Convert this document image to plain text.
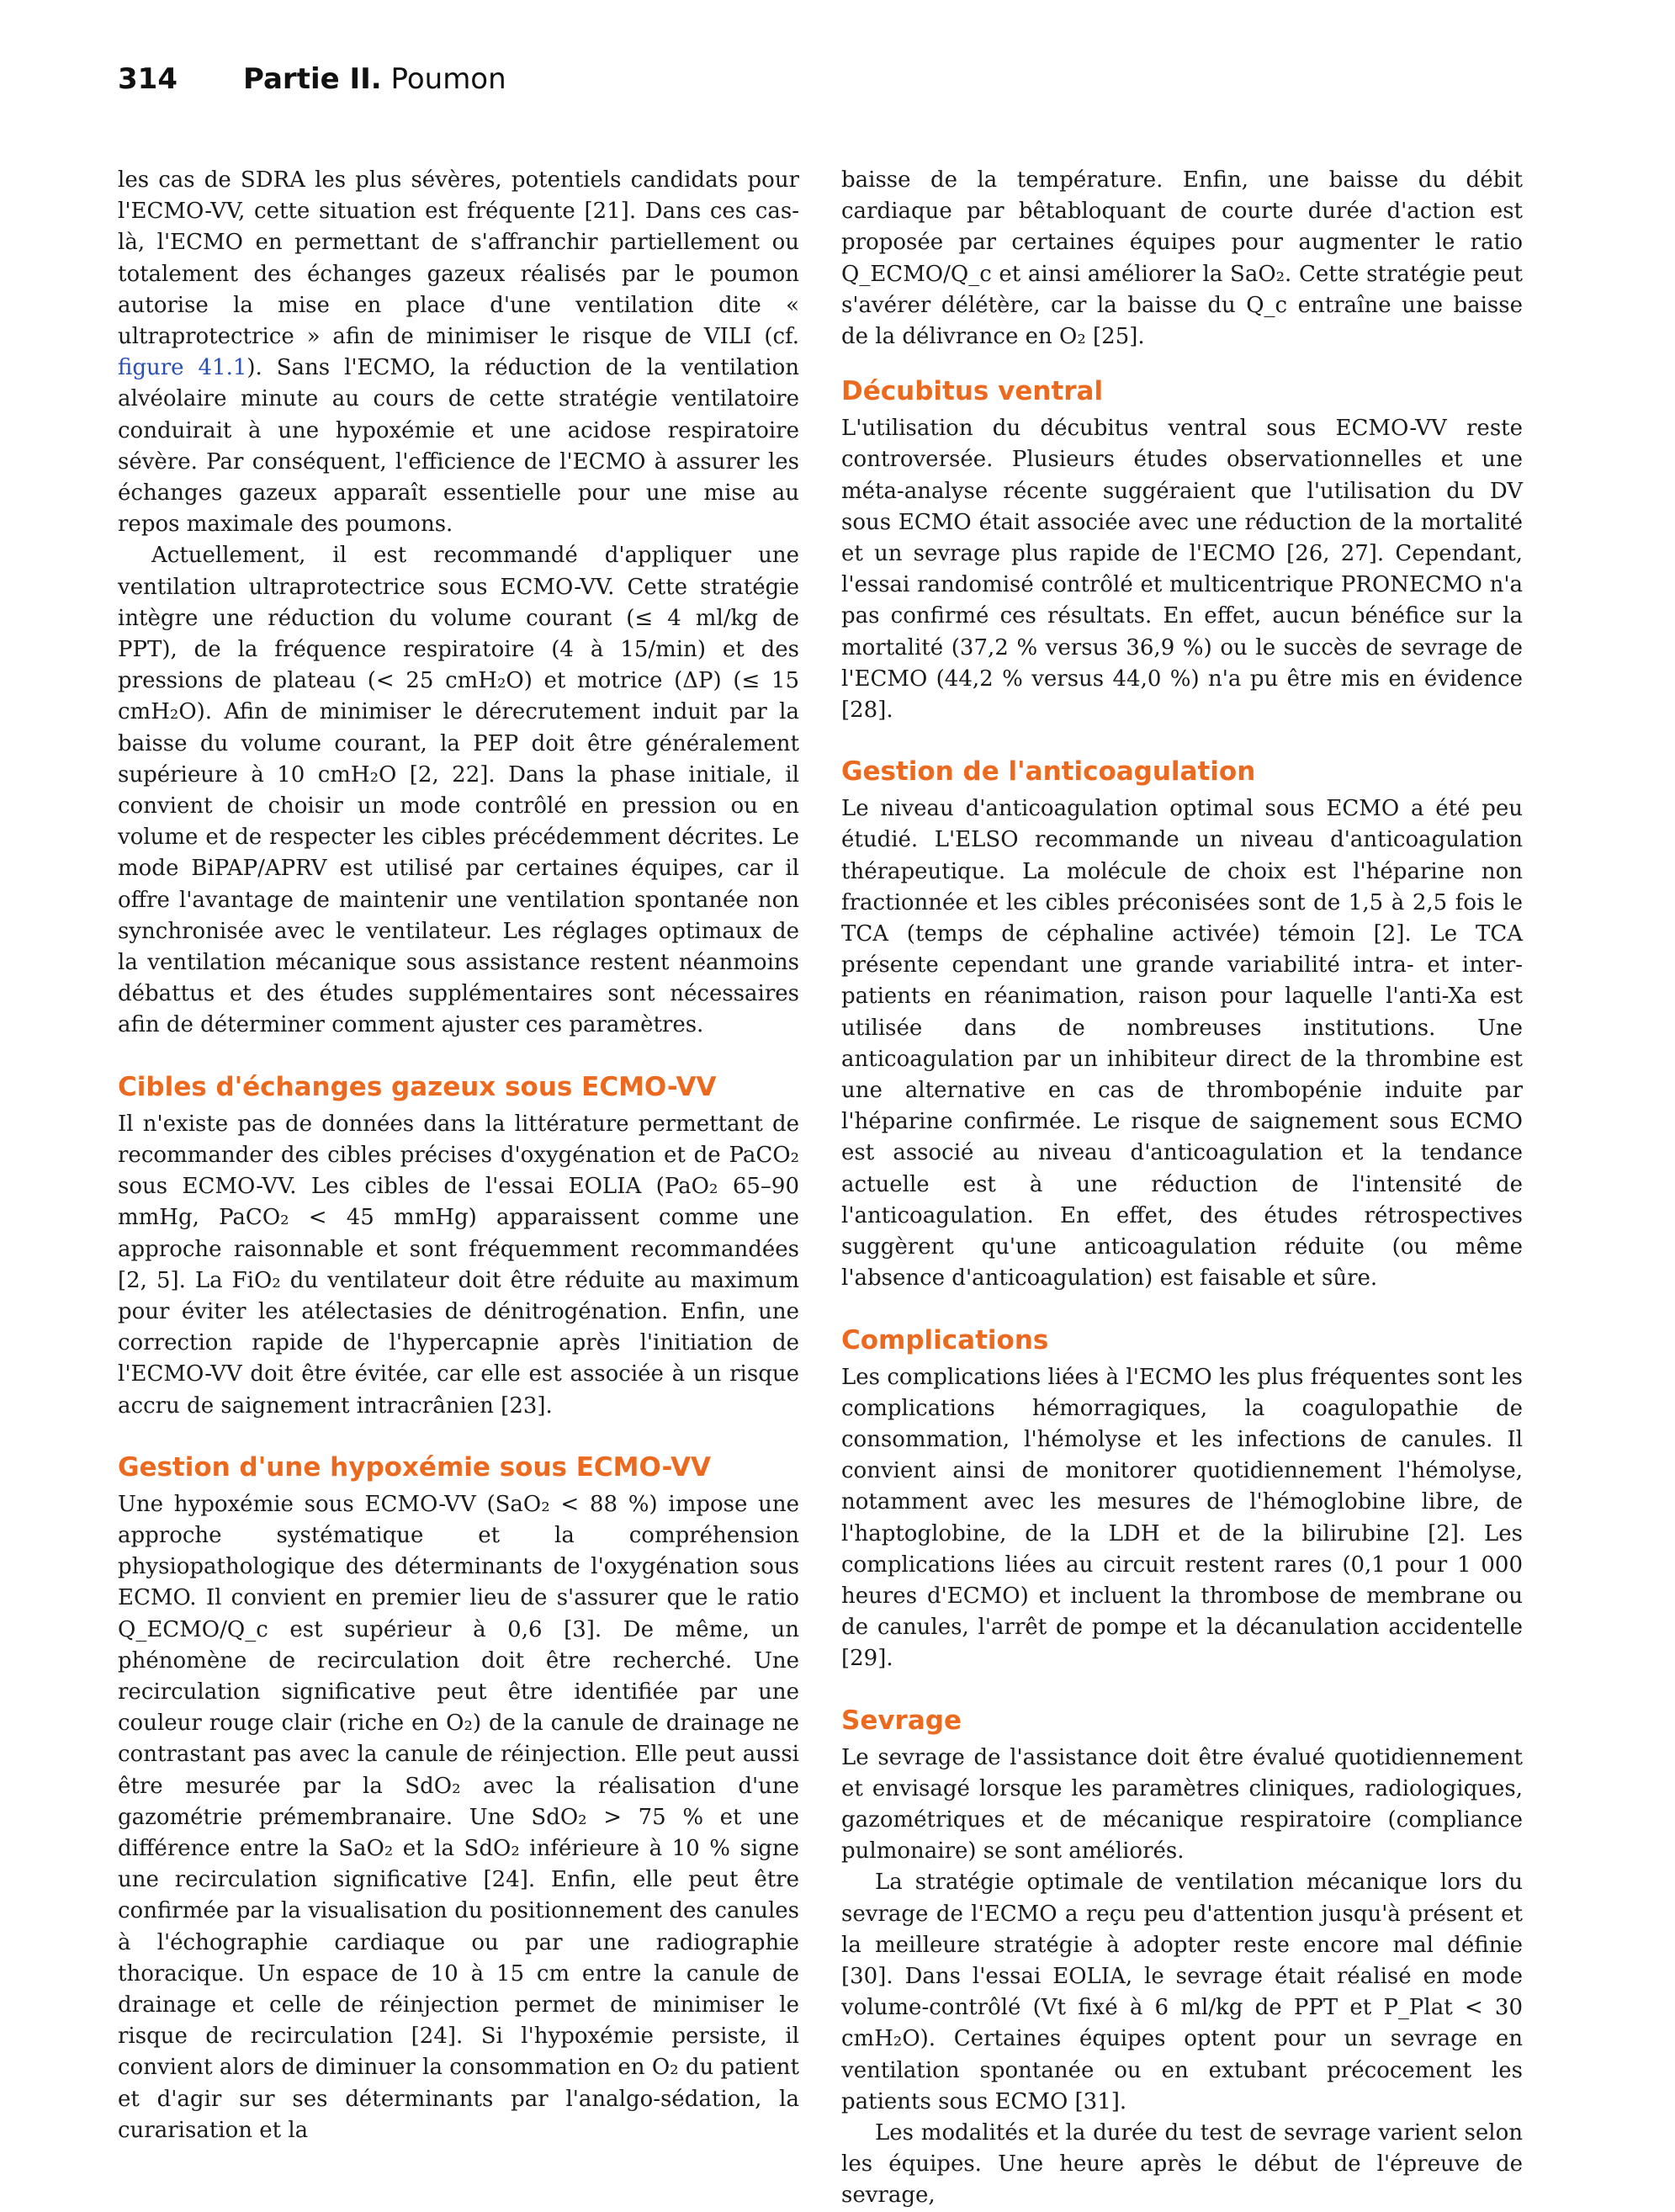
314 Partie II. Poumon

les cas de SDRA les plus sévères, potentiels candidats pour l'ECMO-VV, cette situation est fréquente [21]. Dans ces cas-là, l'ECMO en permettant de s'affranchir partiellement ou totalement des échanges gazeux réalisés par le poumon autorise la mise en place d'une ventilation dite « ultraprotectrice » afin de minimiser le risque de VILI (cf. figure 41.1). Sans l'ECMO, la réduction de la ventilation alvéolaire minute au cours de cette stratégie ventilatoire conduirait à une hypoxémie et une acidose respiratoire sévère. Par conséquent, l'efficience de l'ECMO à assurer les échanges gazeux apparaît essentielle pour une mise au repos maximale des poumons.

Actuellement, il est recommandé d'appliquer une ventilation ultraprotectrice sous ECMO-VV. Cette stratégie intègre une réduction du volume courant (≤ 4 ml/kg de PPT), de la fréquence respiratoire (4 à 15/min) et des pressions de plateau (< 25 cmH₂O) et motrice (ΔP) (≤ 15 cmH₂O). Afin de minimiser le dérecrutement induit par la baisse du volume courant, la PEP doit être généralement supérieure à 10 cmH₂O [2, 22]. Dans la phase initiale, il convient de choisir un mode contrôlé en pression ou en volume et de respecter les cibles précédemment décrites. Le mode BiPAP/APRV est utilisé par certaines équipes, car il offre l'avantage de maintenir une ventilation spontanée non synchronisée avec le ventilateur. Les réglages optimaux de la ventilation mécanique sous assistance restent néanmoins débattus et des études supplémentaires sont nécessaires afin de déterminer comment ajuster ces paramètres.

Cibles d'échanges gazeux sous ECMO-VV

Il n'existe pas de données dans la littérature permettant de recommander des cibles précises d'oxygénation et de PaCO₂ sous ECMO-VV. Les cibles de l'essai EOLIA (PaO₂ 65–90 mmHg, PaCO₂ < 45 mmHg) apparaissent comme une approche raisonnable et sont fréquemment recommandées [2, 5]. La FiO₂ du ventilateur doit être réduite au maximum pour éviter les atélectasies de dénitrogénation. Enfin, une correction rapide de l'hypercapnie après l'initiation de l'ECMO-VV doit être évitée, car elle est associée à un risque accru de saignement intracrânien [23].

Gestion d'une hypoxémie sous ECMO-VV

Une hypoxémie sous ECMO-VV (SaO₂ < 88 %) impose une approche systématique et la compréhension physiopathologique des déterminants de l'oxygénation sous ECMO. Il convient en premier lieu de s'assurer que le ratio Q_ECMO/Q_c est supérieur à 0,6 [3]. De même, un phénomène de recirculation doit être recherché. Une recirculation significative peut être identifiée par une couleur rouge clair (riche en O₂) de la canule de drainage ne contrastant pas avec la canule de réinjection. Elle peut aussi être mesurée par la SdO₂ avec la réalisation d'une gazométrie prémembranaire. Une SdO₂ > 75 % et une différence entre la SaO₂ et la SdO₂ inférieure à 10 % signe une recirculation significative [24]. Enfin, elle peut être confirmée par la visualisation du positionnement des canules à l'échographie cardiaque ou par une radiographie thoracique. Un espace de 10 à 15 cm entre la canule de drainage et celle de réinjection permet de minimiser le risque de recirculation [24]. Si l'hypoxémie persiste, il convient alors de diminuer la consommation en O₂ du patient et d'agir sur ses déterminants par l'analgo-sédation, la curarisation et la

baisse de la température. Enfin, une baisse du débit cardiaque par bêtabloquant de courte durée d'action est proposée par certaines équipes pour augmenter le ratio Q_ECMO/Q_c et ainsi améliorer la SaO₂. Cette stratégie peut s'avérer délétère, car la baisse du Q_c entraîne une baisse de la délivrance en O₂ [25].

Décubitus ventral

L'utilisation du décubitus ventral sous ECMO-VV reste controversée. Plusieurs études observationnelles et une méta-analyse récente suggéraient que l'utilisation du DV sous ECMO était associée avec une réduction de la mortalité et un sevrage plus rapide de l'ECMO [26, 27]. Cependant, l'essai randomisé contrôlé et multicentrique PRONECMO n'a pas confirmé ces résultats. En effet, aucun bénéfice sur la mortalité (37,2 % versus 36,9 %) ou le succès de sevrage de l'ECMO (44,2 % versus 44,0 %) n'a pu être mis en évidence [28].

Gestion de l'anticoagulation

Le niveau d'anticoagulation optimal sous ECMO a été peu étudié. L'ELSO recommande un niveau d'anticoagulation thérapeutique. La molécule de choix est l'héparine non fractionnée et les cibles préconisées sont de 1,5 à 2,5 fois le TCA (temps de céphaline activée) témoin [2]. Le TCA présente cependant une grande variabilité intra- et inter-patients en réanimation, raison pour laquelle l'anti-Xa est utilisée dans de nombreuses institutions. Une anticoagulation par un inhibiteur direct de la thrombine est une alternative en cas de thrombopénie induite par l'héparine confirmée. Le risque de saignement sous ECMO est associé au niveau d'anticoagulation et la tendance actuelle est à une réduction de l'intensité de l'anticoagulation. En effet, des études rétrospectives suggèrent qu'une anticoagulation réduite (ou même l'absence d'anticoagulation) est faisable et sûre.

Complications

Les complications liées à l'ECMO les plus fréquentes sont les complications hémorragiques, la coagulopathie de consommation, l'hémolyse et les infections de canules. Il convient ainsi de monitorer quotidiennement l'hémolyse, notamment avec les mesures de l'hémoglobine libre, de l'haptoglobine, de la LDH et de la bilirubine [2]. Les complications liées au circuit restent rares (0,1 pour 1 000 heures d'ECMO) et incluent la thrombose de membrane ou de canules, l'arrêt de pompe et la décanulation accidentelle [29].

Sevrage

Le sevrage de l'assistance doit être évalué quotidiennement et envisagé lorsque les paramètres cliniques, radiologiques, gazométriques et de mécanique respiratoire (compliance pulmonaire) se sont améliorés.

La stratégie optimale de ventilation mécanique lors du sevrage de l'ECMO a reçu peu d'attention jusqu'à présent et la meilleure stratégie à adopter reste encore mal définie [30]. Dans l'essai EOLIA, le sevrage était réalisé en mode volume-contrôlé (Vt fixé à 6 ml/kg de PPT et P_Plat < 30 cmH₂O). Certaines équipes optent pour un sevrage en ventilation spontanée ou en extubant précocement les patients sous ECMO [31].

Les modalités et la durée du test de sevrage varient selon les équipes. Une heure après le début de l'épreuve de sevrage,
